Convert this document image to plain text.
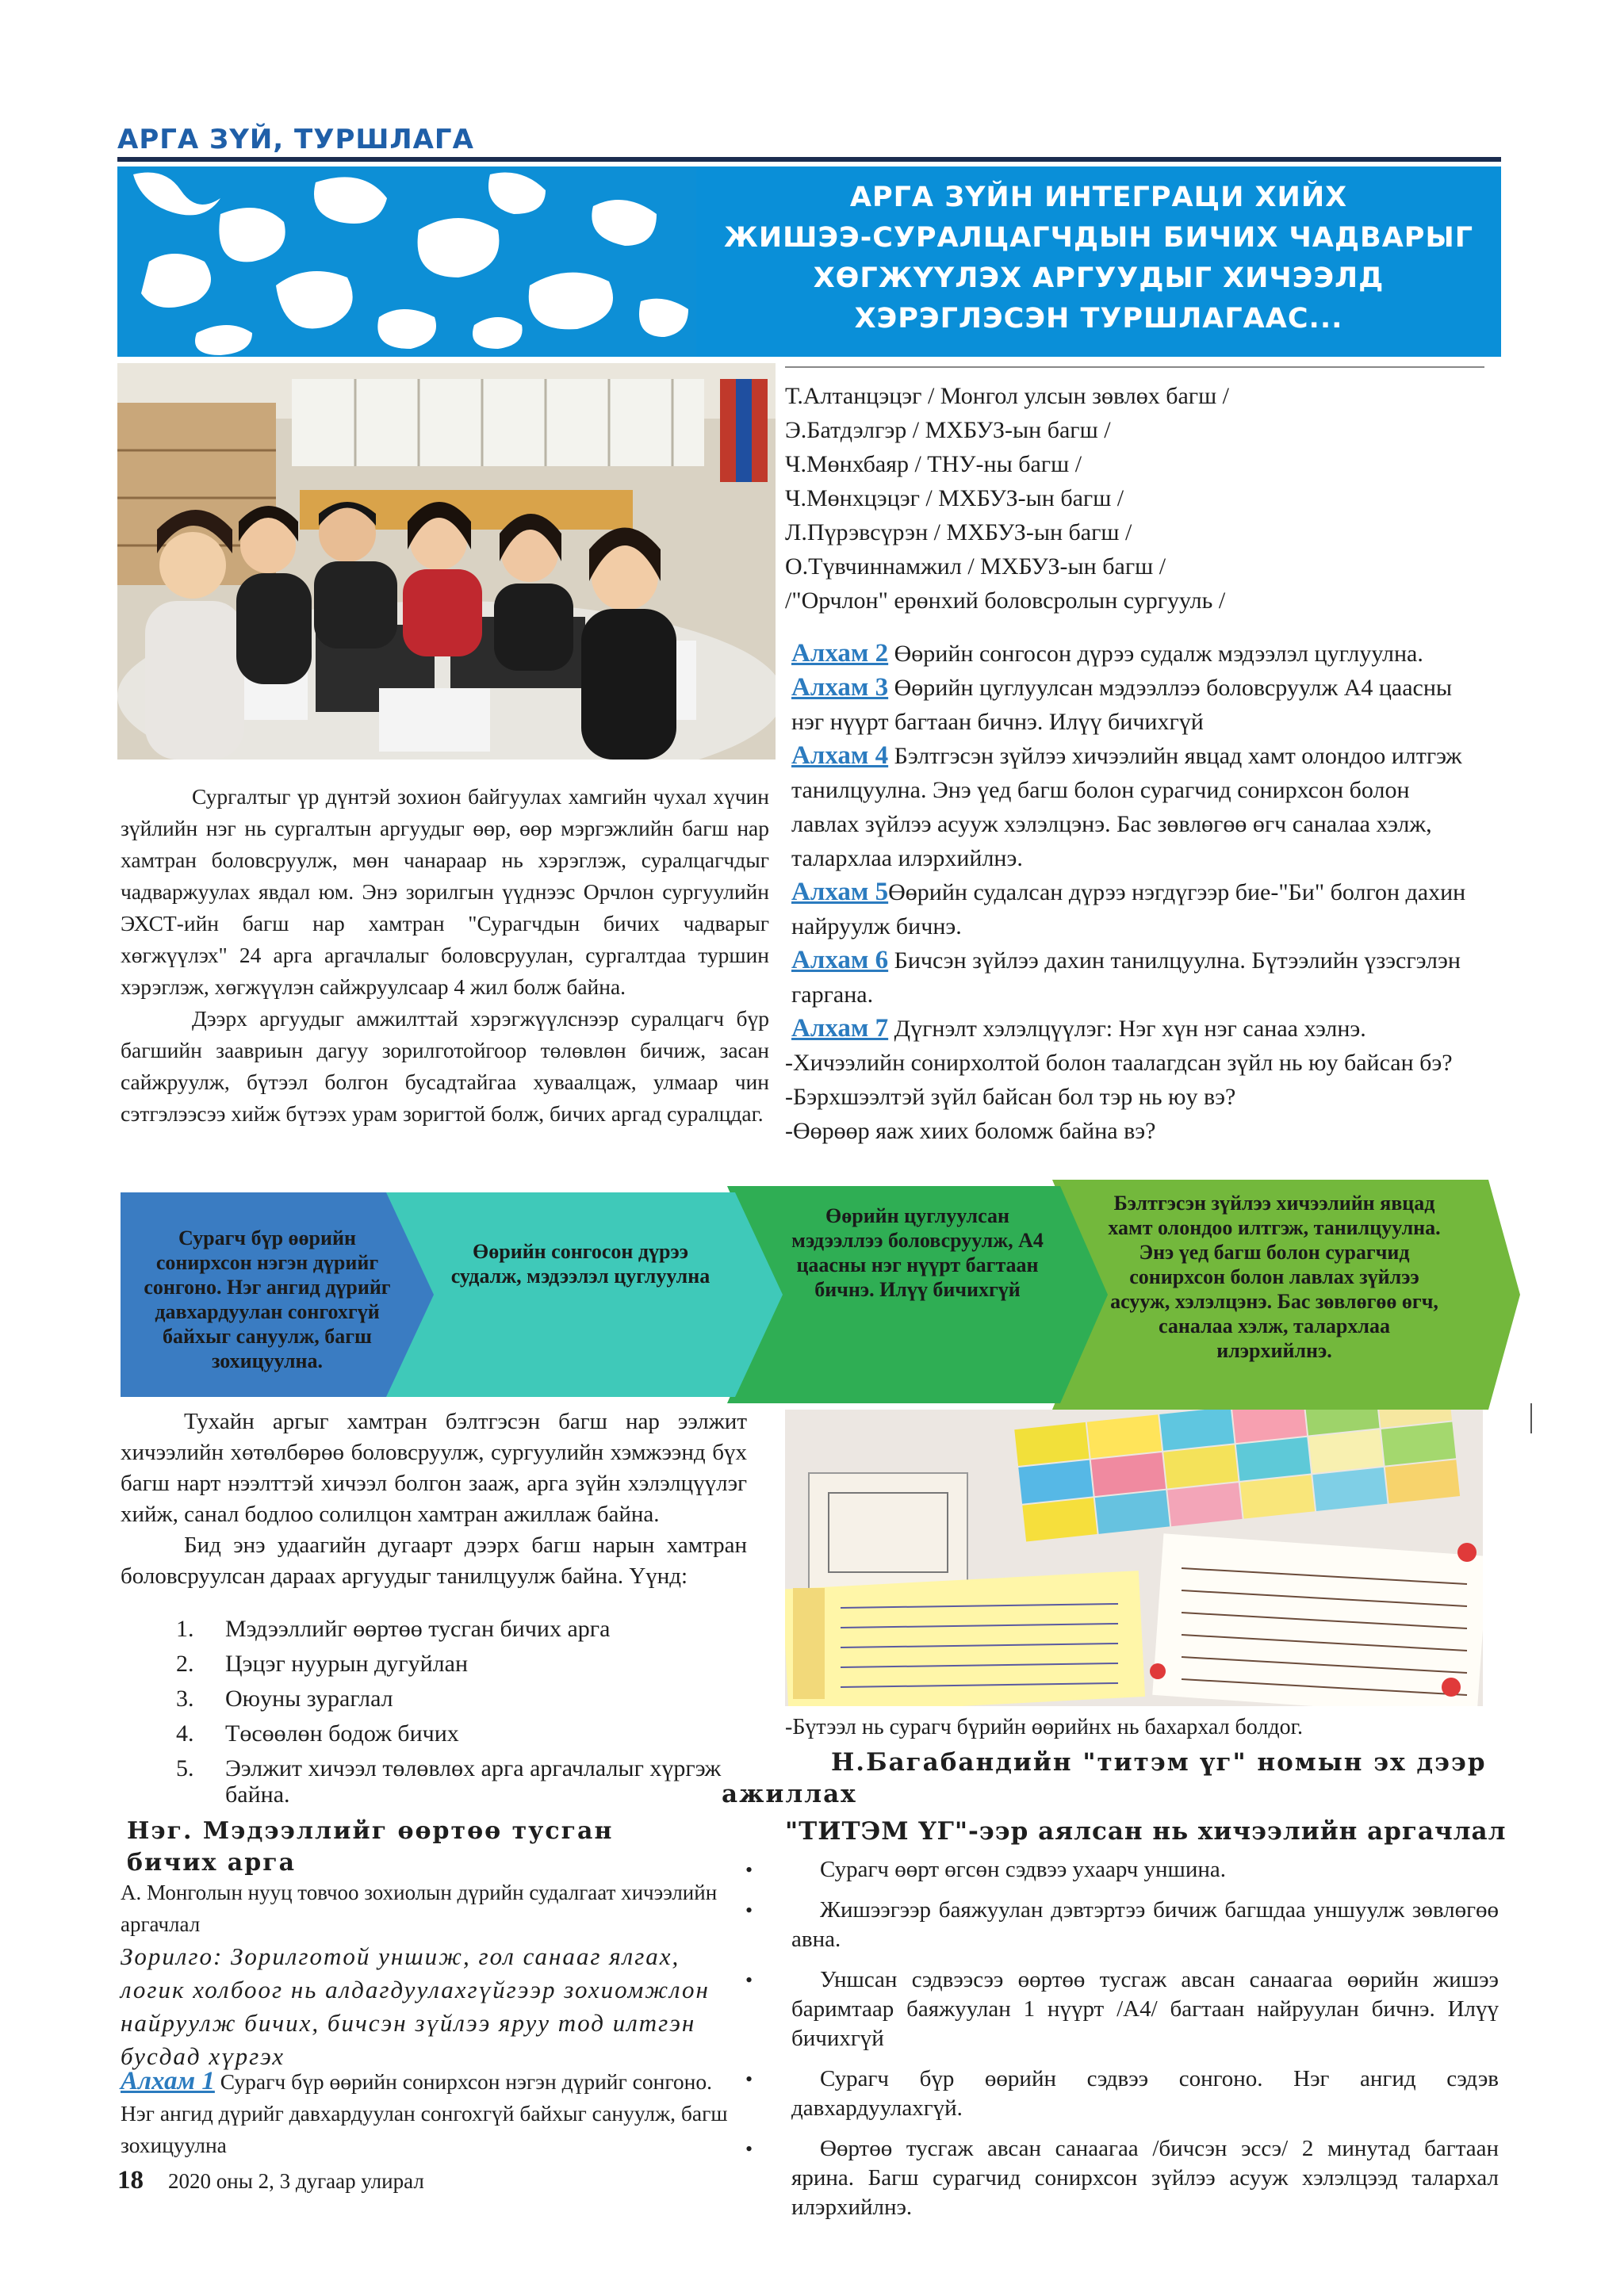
АРГА ЗҮЙ, ТУРШЛАГА
АРГА ЗҮЙН ИНТЕГРАЦИ ХИЙХ
ЖИШЭЭ-СУРАЛЦАГЧДЫН БИЧИХ ЧАДВАРЫГ
ХӨГЖҮҮЛЭХ АРГУУДЫГ ХИЧЭЭЛД
ХЭРЭГЛЭСЭН ТУРШЛАГААС...
Т.Алтанцэцэг / Монгол улсын зөвлөх багш /
Э.Батдэлгэр / МХБУЗ-ын багш /
Ч.Мөнхбаяр / ТНУ-ны багш /
Ч.Мөнхцэцэг / МХБУЗ-ын багш /
Л.Пүрэвсүрэн / МХБУЗ-ын багш /
О.Түвчиннамжил / МХБУЗ-ын багш /
/"Орчлон" ерөнхий боловсролын сургууль /

Алхам 2 Өөрийн сонгосон дүрээ судалж мэдээлэл цуглуулна.

Алхам 3 Өөрийн цуглуулсан мэдээллээ боловсруулж А4 цаасны нэг нүүрт багтаан бичнэ. Илүү бичихгүй

Алхам 4 Бэлтгэсэн зүйлээ хичээлийн явцад хамт олондоо илтгэж танилцуулна. Энэ үед багш болон сурагчид сонирхсон болон лавлах зүйлээ асууж хэлэлцэнэ. Бас зөвлөгөө өгч саналаа хэлж, талархлаа илэрхийлнэ.

Алхам 5Өөрийн судалсан дүрээ нэгдүгээр бие-"Би" болгон дахин найруулж бичнэ.

Алхам 6 Бичсэн зүйлээ дахин танилцуулна. Бүтээлийн үзэсгэлэн гаргана.

Алхам 7 Дүгнэлт хэлэлцүүлэг: Нэг хүн нэг санаа хэлнэ.

-Хичээлийн сонирхолтой болон таалагдсан зүйл нь юу байсан бэ?

-Бэрхшээлтэй зүйл байсан бол тэр нь юу вэ?

-Өөрөөр яаж хиих боломж байна вэ?

Сургалтыг үр дүнтэй зохион байгуулах хамгийн чухал хүчин зүйлийн нэг нь сургалтын аргуудыг өөр, өөр мэргэжлийн багш нар хамтран боловсруулж, мөн чанараар нь хэрэглэж, суралцагчдыг чадваржуулах явдал юм. Энэ зорилгын үүднээс Орчлон сургуулийн ЭХСТ-ийн багш нар хамтран "Сурагчдын бичих чадварыг хөгжүүлэх" 24 арга аргачлалыг боловсруулан, сургалтдаа туршин хэрэглэж, хөгжүүлэн сайжруулсаар 4 жил болж байна.

Дээрх аргуудыг амжилттай хэрэгжүүлснээр суралцагч бүр багшийн заавриын дагуу зорилготойгоор төлөвлөн бичиж, засан сайжруулж, бүтээл болгон бусадтайгаа хуваалцаж, улмаар чин сэтгэлээсээ хийж бүтээх урам зоригтой болж, бичих аргад суралцдаг.

Сурагч бүр өөрийн сонирхсон нэгэн дүрийг сонгоно. Нэг ангид дүрийг давхардуулан сонгохгүй байхыг сануулж, багш зохицуулна.
Өөрийн сонгосон дүрээ судалж, мэдээлэл цуглуулна
Өөрийн цуглуулсан мэдээллээ боловсруулж, А4 цаасны нэг нүүрт багтаан бичнэ. Илүү бичихгүй
Бэлтгэсэн зүйлээ хичээлийн явцад хамт олондоо илтгэж, танилцуулна. Энэ үед багш болон сурагчид сонирхсон болон лавлах зүйлээ асууж, хэлэлцэнэ. Бас зөвлөгөө өгч, саналаа хэлж, талархлаа илэрхийлнэ.

Тухайн аргыг хамтран бэлтгэсэн багш нар ээлжит хичээлийн хөтөлбөрөө боловсруулж, сургуулийн хэмжээнд бүх багш нарт нээлттэй хичээл болгон зааж, арга зүйн хэлэлцүүлэг хийж, санал бодлоо солилцон хамтран ажиллаж байна.

Бид энэ удаагийн дугаарт дээрх багш нарын хамтран боловсруулсан дараах аргуудыг танилцуулж байна. Үүнд:

1.	Мэдээллийг өөртөө тусган бичих арга
2.	Цэцэг нуурын дугуйлан
3.	Оюуны зураглал
4.	Төсөөлөн бодож бичих
5.	Ээлжит хичээл төлөвлөх арга аргачлалыг хүргэж байна.
Нэг. Мэдээллийг өөртөө тусган бичих арга
А. Монголын нууц товчоо зохиолын дүрийн судалгаат хичээлийн аргачлал
Зорилго: Зорилготой уншиж, гол санааг ялгах, логик холбоог нь алдагдуулахгүйгээр зохиомжлон найруулж бичих, бичсэн зүйлээ яруу тод илтгэн бусдад хүргэх
Алхам 1 Сурагч бүр өөрийн сонирхсон нэгэн дүрийг сонгоно. Нэг ангид дүрийг давхардуулан сонгохгүй байхыг сануулж, багш зохицуулна
18 2020 оны 2, 3 дугаар улирал
-Бүтээл нь сурагч бүрийн өөрийнх нь бахархал болдог.
Н.Багабандийн "титэм үг" номын эх дээр
ажиллах
"ТИТЭМ ҮГ"-ээр аялсан нь хичээлийн аргачлал
•	Сурагч өөрт өгсөн сэдвээ ухаарч уншина.
•	Жишээгээр баяжуулан дэвтэртээ бичиж багшдаа уншуулж зөвлөгөө авна.
•	Уншсан сэдвээсээ өөртөө тусгаж авсан санаагаа өөрийн жишээ баримтаар баяжуулан 1 нүүрт /А4/ багтаан найруулан бичнэ. Илүү бичихгүй
•	Сурагч бүр өөрийн сэдвээ сонгоно. Нэг ангид сэдэв давхардуулахгүй.
•	Өөртөө тусгаж авсан санаагаа /бичсэн эссэ/ 2 минутад багтаан ярина. Багш сурагчид сонирхсон зүйлээ асууж хэлэлцээд талархал илэрхийлнэ.
